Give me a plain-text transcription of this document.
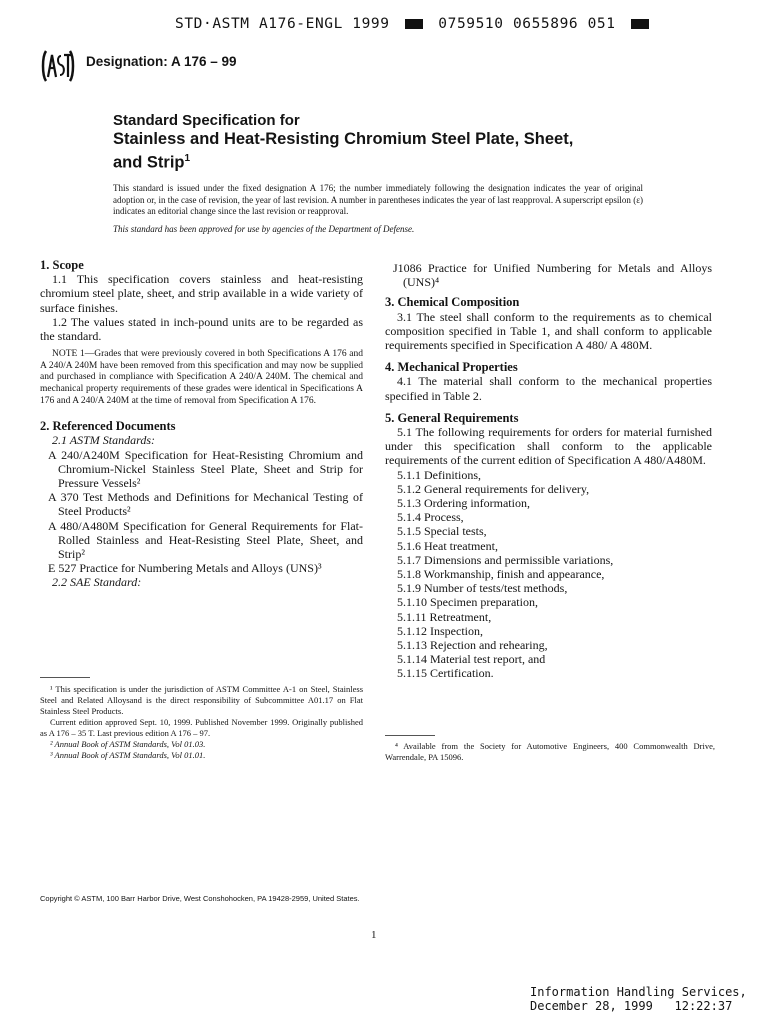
STD·ASTM A176-ENGL 1999	0759510 0655896 051
Designation: A 176 – 99
Standard Specification for
Stainless and Heat-Resisting Chromium Steel Plate, Sheet,
and Strip$^1$
This standard is issued under the fixed designation A 176; the number immediately following the designation indicates the year of original adoption or, in the case of revision, the year of last revision. A number in parentheses indicates the year of last reapproval. A superscript epsilon (ε) indicates an editorial change since the last revision or reapproval.
This standard has been approved for use by agencies of the Department of Defense.

1. Scope

1.1 This specification covers stainless and heat-resisting chromium steel plate, sheet, and strip available in a wide variety of surface finishes.

1.2 The values stated in inch-pound units are to be regarded as the standard.

NOTE 1—Grades that were previously covered in both Specifications A 176 and A 240/A 240M have been removed from this specification and may now be supplied and purchased in compliance with Specification A 240/A 240M. The chemical and mechanical property requirements of these grades were identical in Specifications A 176 and A 240/A 240M at the time of removal from Specification A 176.

2. Referenced Documents

2.1 ASTM Standards:

A 240/A240M Specification for Heat-Resisting Chromium and Chromium-Nickel Stainless Steel Plate, Sheet and Strip for Pressure Vessels²

A 370 Test Methods and Definitions for Mechanical Testing of Steel Products²

A 480/A480M Specification for General Requirements for Flat-Rolled Stainless and Heat-Resisting Steel Plate, Sheet, and Strip²

E 527 Practice for Numbering Metals and Alloys (UNS)³

2.2 SAE Standard:

¹ This specification is under the jurisdiction of ASTM Committee A-1 on Steel, Stainless Steel and Related Alloysand is the direct responsibility of Subcommittee A01.17 on Flat Stainless Steel Products.

Current edition approved Sept. 10, 1999. Published November 1999. Originally published as A 176 – 35 T. Last previous edition A 176 – 97.

² Annual Book of ASTM Standards, Vol 01.03.

³ Annual Book of ASTM Standards, Vol 01.01.

J1086 Practice for Unified Numbering for Metals and Alloys (UNS)⁴

3. Chemical Composition

3.1 The steel shall conform to the requirements as to chemical composition specified in Table 1, and shall conform to applicable requirements specified in Specification A 480/ A 480M.

4. Mechanical Properties

4.1 The material shall conform to the mechanical properties specified in Table 2.

5. General Requirements

5.1 The following requirements for orders for material furnished under this specification shall conform to the applicable requirements of the current edition of Specification A 480/A480M.

5.1.1 Definitions,

5.1.2 General requirements for delivery,

5.1.3 Ordering information,

5.1.4 Process,

5.1.5 Special tests,

5.1.6 Heat treatment,

5.1.7 Dimensions and permissible variations,

5.1.8 Workmanship, finish and appearance,

5.1.9 Number of tests/test methods,

5.1.10 Specimen preparation,

5.1.11 Retreatment,

5.1.12 Inspection,

5.1.13 Rejection and rehearing,

5.1.14 Material test report, and

5.1.15 Certification.

⁴ Available from the Society for Automotive Engineers, 400 Commonwealth Drive, Warrendale, PA 15096.

Copyright © ASTM, 100 Barr Harbor Drive, West Conshohocken, PA 19428-2959, United States.
1
Information Handling Services,
December 28, 1999   12:22:37
